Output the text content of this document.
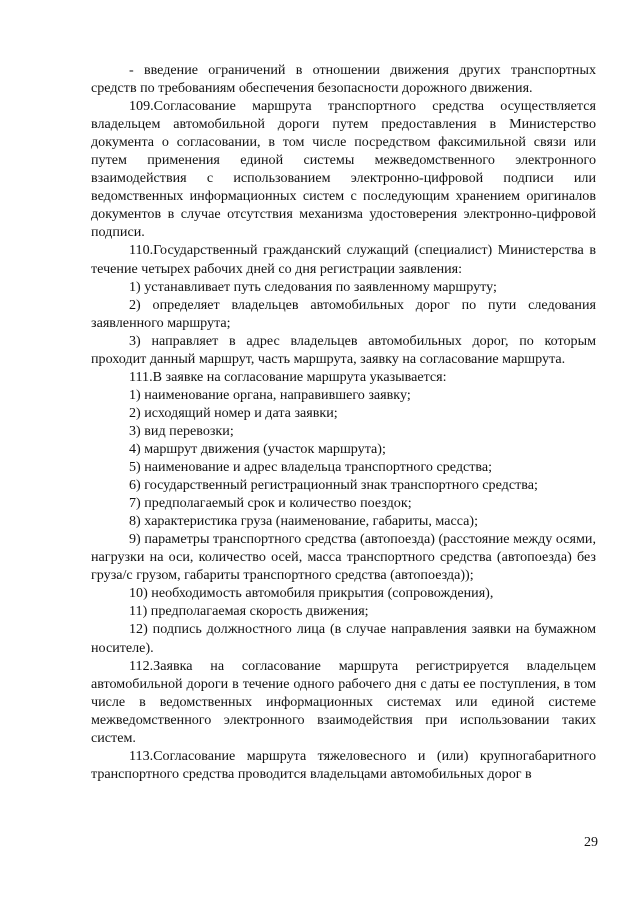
- введение ограничений в отношении движения других транспортных средств по требованиям обеспечения безопасности дорожного движения.

109.Согласование маршрута транспортного средства осуществляется владельцем автомобильной дороги путем предоставления в Министерство документа о согласовании, в том числе посредством факсимильной связи или путем применения единой системы межведомственного электронного взаимодействия с использованием электронно-цифровой подписи или ведомственных информационных систем с последующим хранением оригиналов документов в случае отсутствия механизма удостоверения электронно-цифровой подписи.

110.Государственный гражданский служащий (специалист) Министерства в течение четырех рабочих дней со дня регистрации заявления:

1) устанавливает путь следования по заявленному маршруту;

2) определяет владельцев автомобильных дорог по пути следования заявленного маршрута;

3) направляет в адрес владельцев автомобильных дорог, по которым проходит данный маршрут, часть маршрута, заявку на согласование маршрута.

111.В заявке на согласование маршрута указывается:

1) наименование органа, направившего заявку;

2) исходящий номер и дата заявки;

3) вид перевозки;

4) маршрут движения (участок маршрута);

5) наименование и адрес владельца транспортного средства;

6) государственный регистрационный знак транспортного средства;

7) предполагаемый срок и количество поездок;

8) характеристика груза (наименование, габариты, масса);

9) параметры транспортного средства (автопоезда) (расстояние между осями, нагрузки на оси, количество осей, масса транспортного средства (автопоезда) без груза/с грузом, габариты транспортного средства (автопоезда));

10) необходимость автомобиля прикрытия (сопровождения),

11) предполагаемая скорость движения;

12) подпись должностного лица (в случае направления заявки на бумажном носителе).

112.Заявка на согласование маршрута регистрируется владельцем автомобильной дороги в течение одного рабочего дня с даты ее поступления, в том числе в ведомственных информационных системах или единой системе межведомственного электронного взаимодействия при использовании таких систем.

113.Согласование маршрута тяжеловесного и (или) крупногабаритного транспортного средства проводится владельцами автомобильных дорог в

29
